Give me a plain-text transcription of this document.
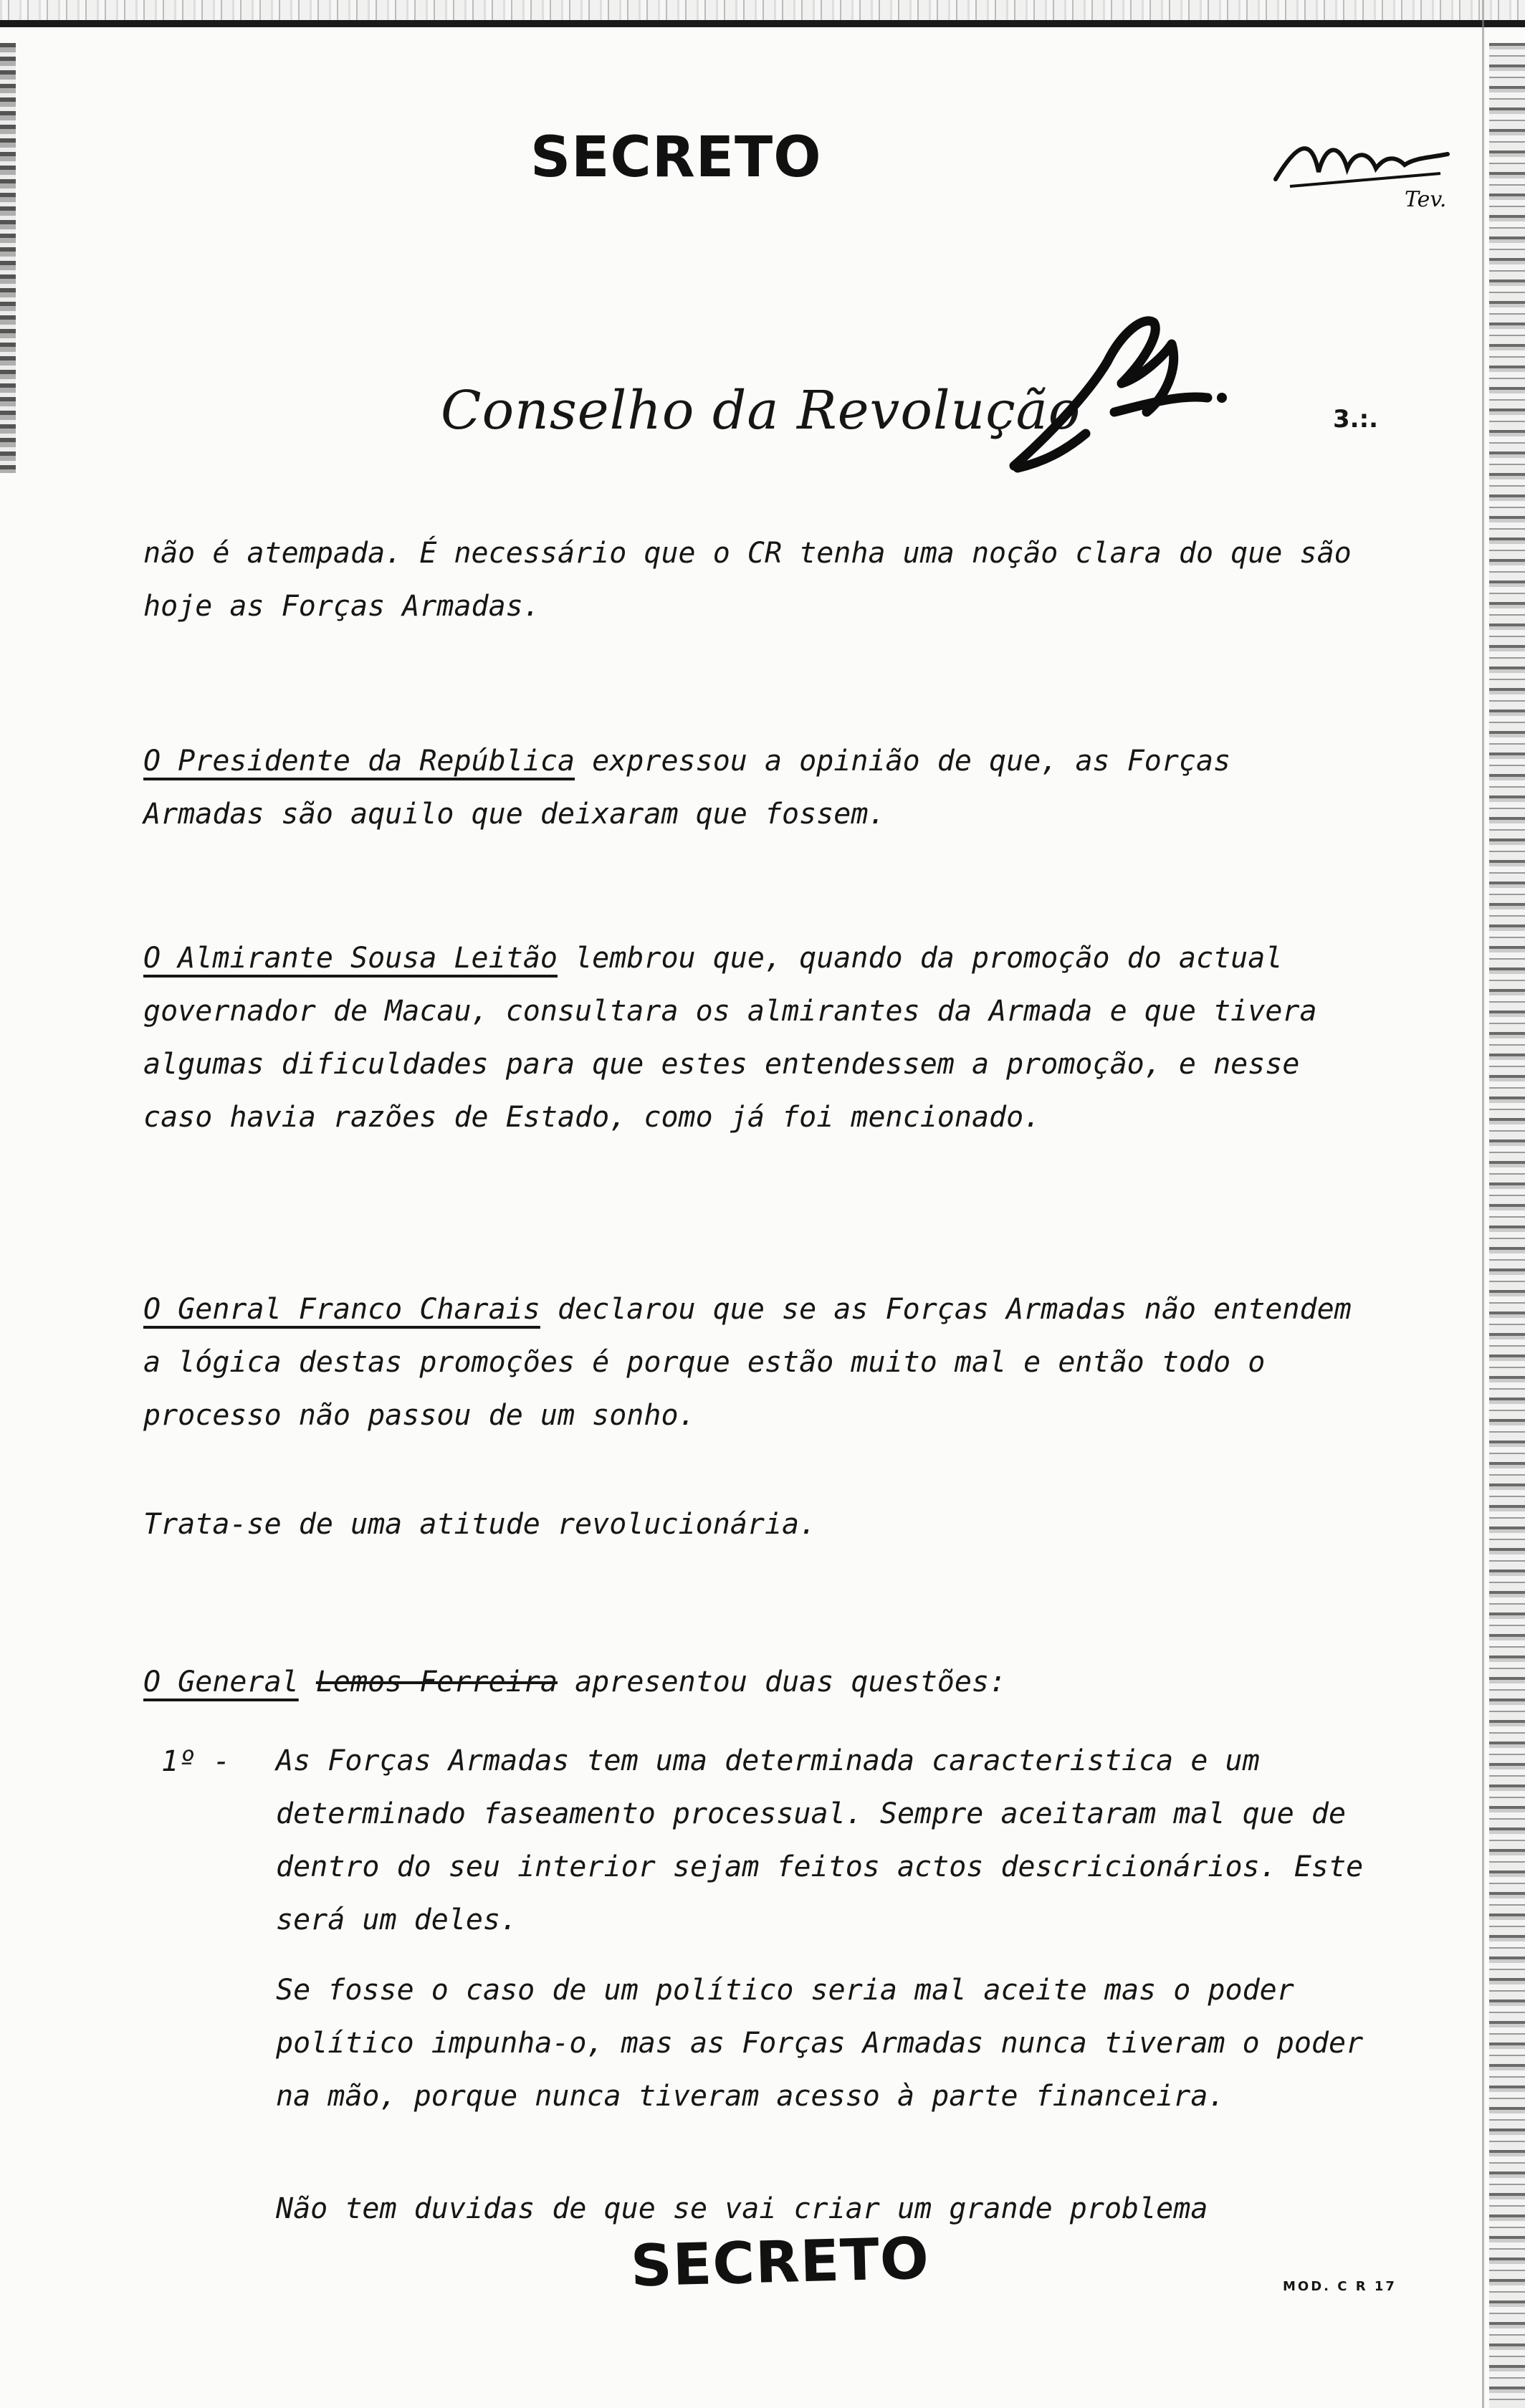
SECRETO
Tev.
Conselho da Revolução	3.:.
não é atempada. É necessário que o CR tenha uma noção clara do que são hoje as Forças Armadas.
O Presidente da República expressou a opinião de que, as Forças Armadas são aquilo que deixaram que fossem.
O Almirante Sousa Leitão lembrou que, quando da promoção do actual governador de Macau, consultara os almirantes da Armada e que tivera algumas dificuldades para que estes entendessem a promoção, e nesse caso havia razões de Estado, como já foi mencionado.
O Genral Franco Charais declarou que se as Forças Armadas não entendem a lógica destas promoções é porque estão muito mal e então todo o processo não passou de um sonho.
Trata-se de uma atitude revolucionária.
O General Lemos Ferreira apresentou duas questões:
1º - As Forças Armadas tem uma determinada caracteristica e um determinado faseamento processual. Sempre aceitaram mal que de dentro do seu interior sejam feitos actos descricionários. Este será um deles.
Se fosse o caso de um político seria mal aceite mas o poder político impunha-o, mas as Forças Armadas nunca tiveram o poder na mão, porque nunca tiveram acesso à parte financeira.
Não tem duvidas de que se vai criar um grande problema
SECRETO	MOD. C R 17
